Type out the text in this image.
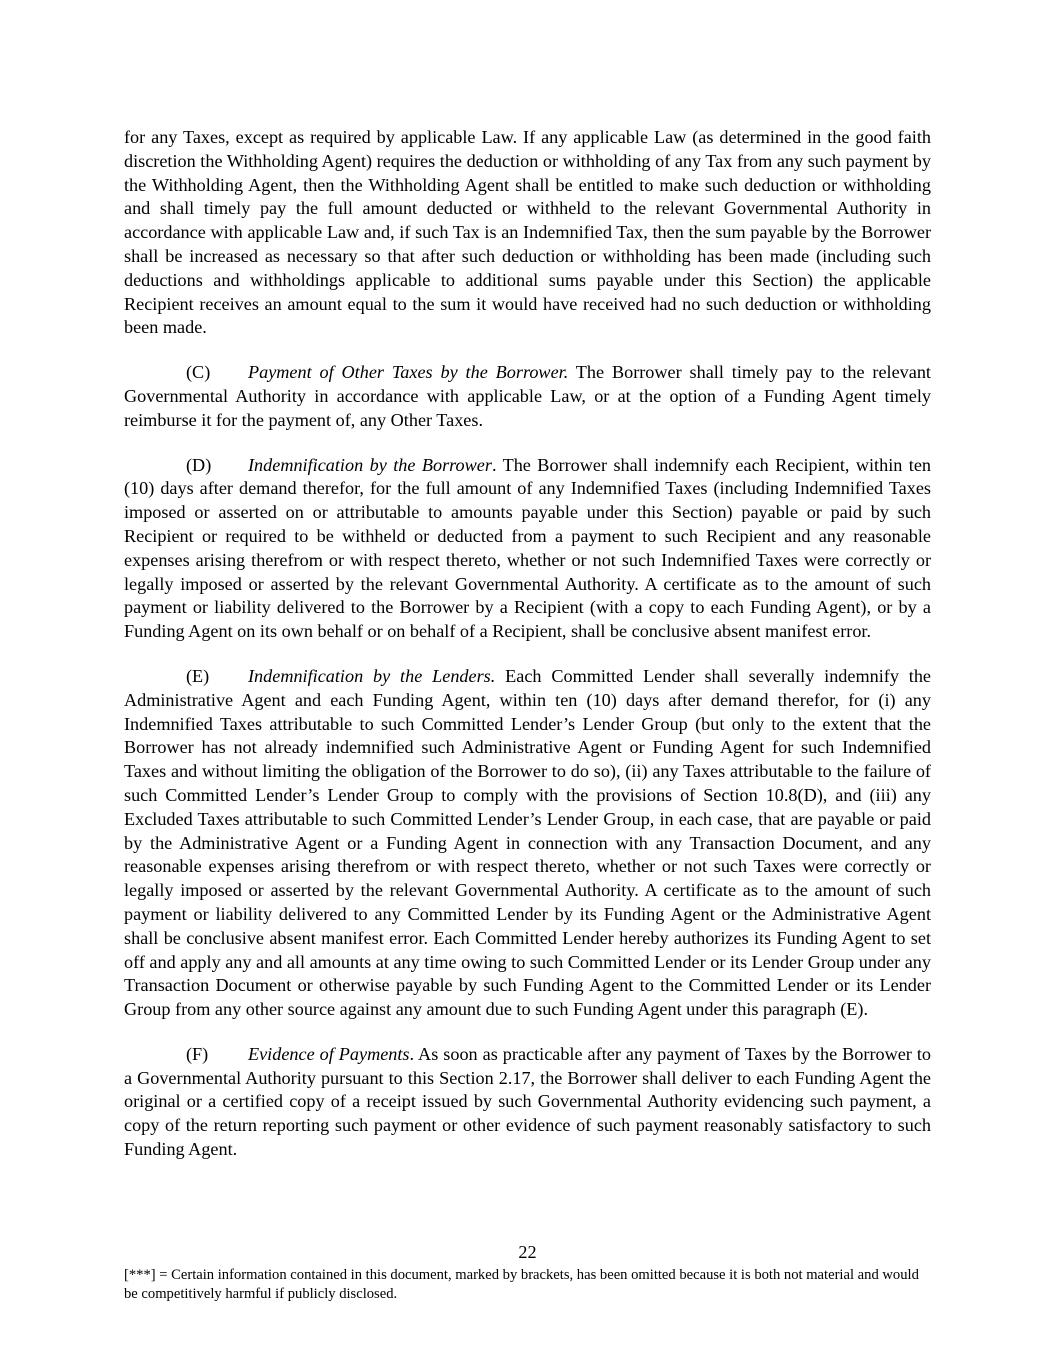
for any Taxes, except as required by applicable Law. If any applicable Law (as determined in the good faith discretion the Withholding Agent) requires the deduction or withholding of any Tax from any such payment by the Withholding Agent, then the Withholding Agent shall be entitled to make such deduction or withholding and shall timely pay the full amount deducted or withheld to the relevant Governmental Authority in accordance with applicable Law and, if such Tax is an Indemnified Tax, then the sum payable by the Borrower shall be increased as necessary so that after such deduction or withholding has been made (including such deductions and withholdings applicable to additional sums payable under this Section) the applicable Recipient receives an amount equal to the sum it would have received had no such deduction or withholding been made.

(C) Payment of Other Taxes by the Borrower. The Borrower shall timely pay to the relevant Governmental Authority in accordance with applicable Law, or at the option of a Funding Agent timely reimburse it for the payment of, any Other Taxes.

(D) Indemnification by the Borrower. The Borrower shall indemnify each Recipient, within ten (10) days after demand therefor, for the full amount of any Indemnified Taxes (including Indemnified Taxes imposed or asserted on or attributable to amounts payable under this Section) payable or paid by such Recipient or required to be withheld or deducted from a payment to such Recipient and any reasonable expenses arising therefrom or with respect thereto, whether or not such Indemnified Taxes were correctly or legally imposed or asserted by the relevant Governmental Authority. A certificate as to the amount of such payment or liability delivered to the Borrower by a Recipient (with a copy to each Funding Agent), or by a Funding Agent on its own behalf or on behalf of a Recipient, shall be conclusive absent manifest error.

(E) Indemnification by the Lenders. Each Committed Lender shall severally indemnify the Administrative Agent and each Funding Agent, within ten (10) days after demand therefor, for (i) any Indemnified Taxes attributable to such Committed Lender’s Lender Group (but only to the extent that the Borrower has not already indemnified such Administrative Agent or Funding Agent for such Indemnified Taxes and without limiting the obligation of the Borrower to do so), (ii) any Taxes attributable to the failure of such Committed Lender’s Lender Group to comply with the provisions of Section 10.8(D), and (iii) any Excluded Taxes attributable to such Committed Lender’s Lender Group, in each case, that are payable or paid by the Administrative Agent or a Funding Agent in connection with any Transaction Document, and any reasonable expenses arising therefrom or with respect thereto, whether or not such Taxes were correctly or legally imposed or asserted by the relevant Governmental Authority. A certificate as to the amount of such payment or liability delivered to any Committed Lender by its Funding Agent or the Administrative Agent shall be conclusive absent manifest error. Each Committed Lender hereby authorizes its Funding Agent to set off and apply any and all amounts at any time owing to such Committed Lender or its Lender Group under any Transaction Document or otherwise payable by such Funding Agent to the Committed Lender or its Lender Group from any other source against any amount due to such Funding Agent under this paragraph (E).

(F) Evidence of Payments. As soon as practicable after any payment of Taxes by the Borrower to a Governmental Authority pursuant to this Section 2.17, the Borrower shall deliver to each Funding Agent the original or a certified copy of a receipt issued by such Governmental Authority evidencing such payment, a copy of the return reporting such payment or other evidence of such payment reasonably satisfactory to such Funding Agent.

22
[***] = Certain information contained in this document, marked by brackets, has been omitted because it is both not material and would be competitively harmful if publicly disclosed.
